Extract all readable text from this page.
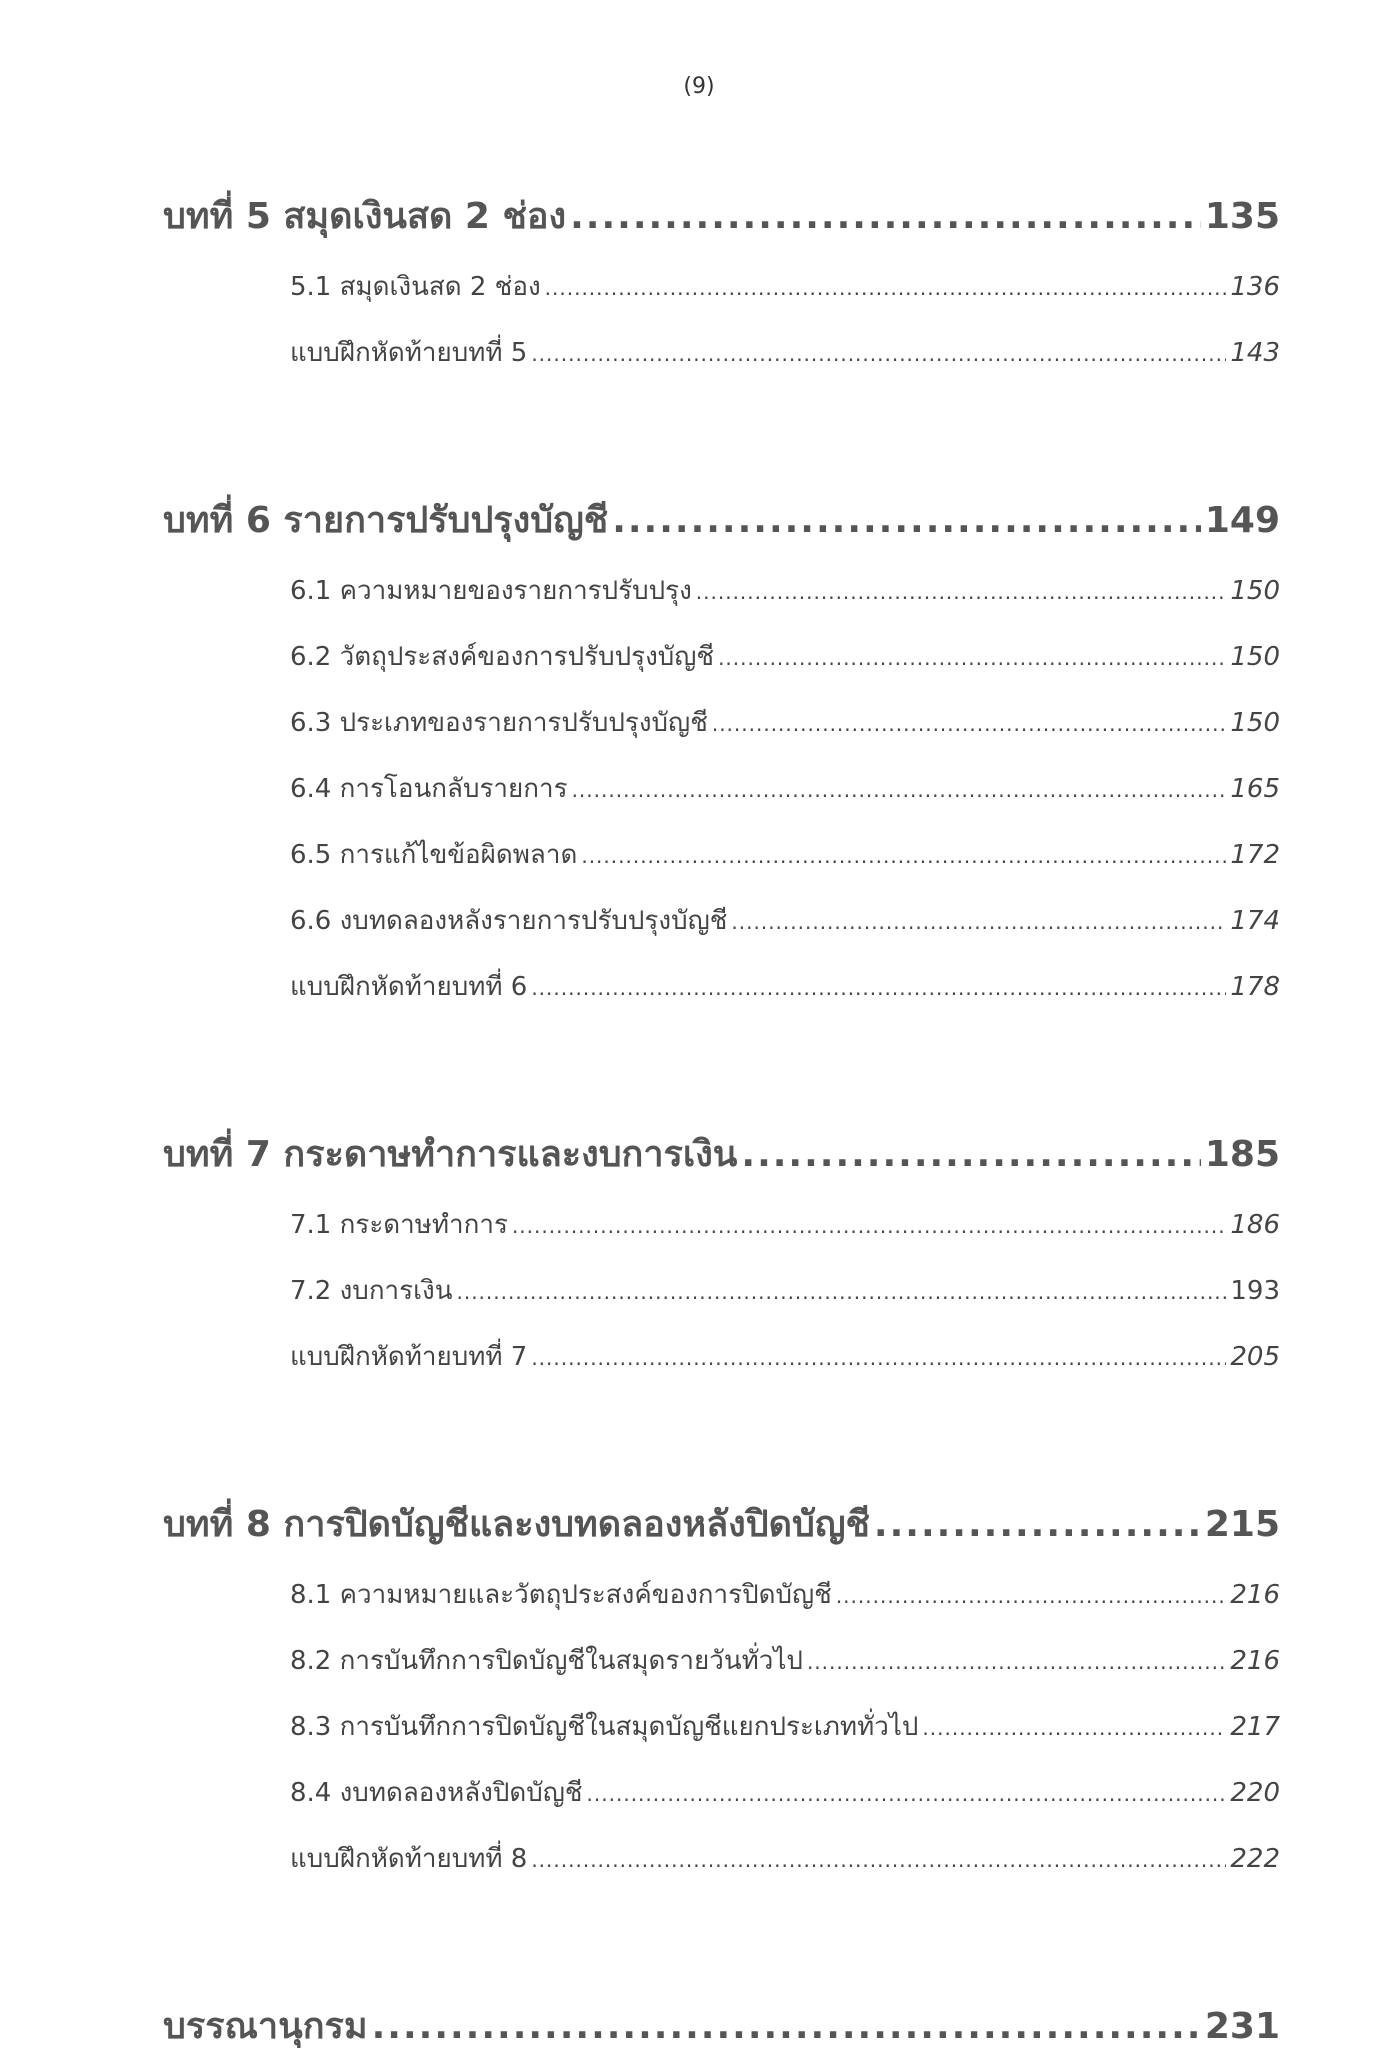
(9)
บทที่ 5 สมุดเงินสด 2 ช่อง .....	135
5.1 สมุดเงินสด 2 ช่อง .....	136
แบบฝึกหัดท้ายบทที่ 5 .....	143
บทที่ 6 รายการปรับปรุงบัญชี .....	149
6.1 ความหมายของรายการปรับปรุง .....	150
6.2 วัตถุประสงค์ของการปรับปรุงบัญชี .....	150
6.3 ประเภทของรายการปรับปรุงบัญชี .....	150
6.4 การโอนกลับรายการ .....	165
6.5 การแก้ไขข้อผิดพลาด .....	172
6.6 งบทดลองหลังรายการปรับปรุงบัญชี .....	174
แบบฝึกหัดท้ายบทที่ 6 .....	178
บทที่ 7 กระดาษทำการและงบการเงิน .....	185
7.1 กระดาษทำการ .....	186
7.2 งบการเงิน .....	193
แบบฝึกหัดท้ายบทที่ 7 .....	205
บทที่ 8 การปิดบัญชีและงบทดลองหลังปิดบัญชี .....	215
8.1 ความหมายและวัตถุประสงค์ของการปิดบัญชี .....	216
8.2 การบันทึกการปิดบัญชีในสมุดรายวันทั่วไป .....	216
8.3 การบันทึกการปิดบัญชีในสมุดบัญชีแยกประเภททั่วไป .....	217
8.4 งบทดลองหลังปิดบัญชี .....	220
แบบฝึกหัดท้ายบทที่ 8 .....	222
บรรณานุกรม .....	231
